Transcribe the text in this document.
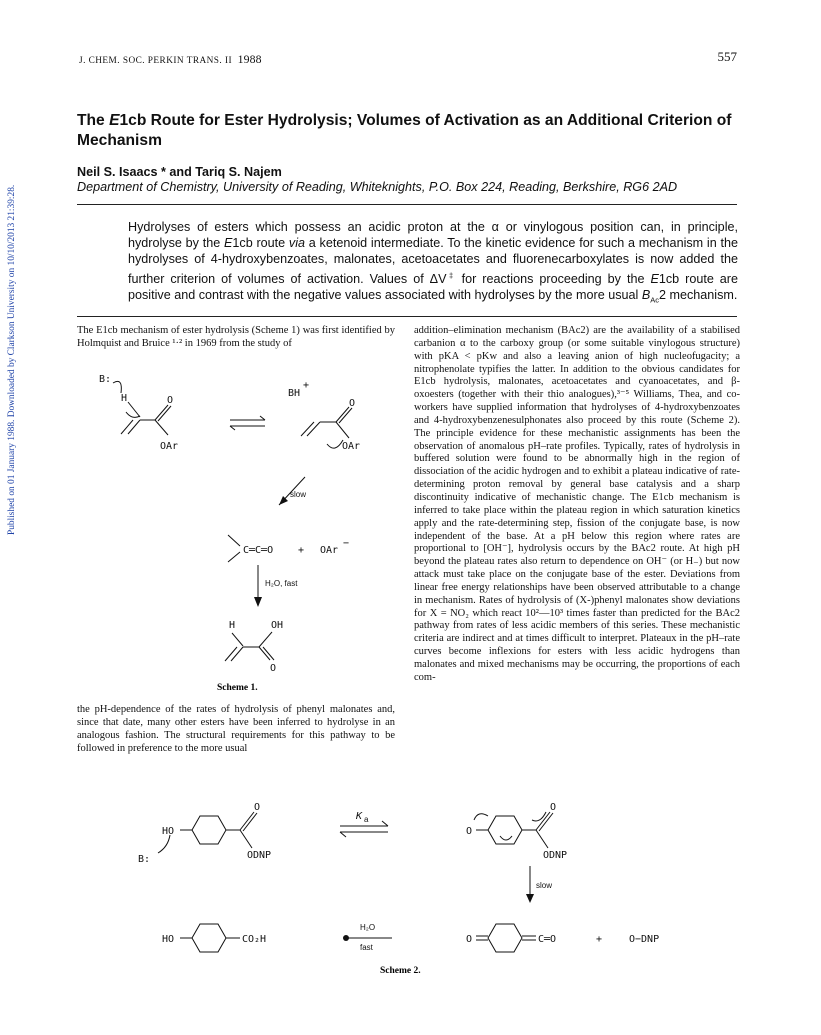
Published on 01 January 1988. Downloaded by Clarkson University on 10/10/2013 21:39:28.
J. CHEM. SOC. PERKIN TRANS. II 1988	557
The E1cb Route for Ester Hydrolysis; Volumes of Activation as an Additional Criterion of Mechanism
Neil S. Isaacs * and Tariq S. Najem
Department of Chemistry, University of Reading, Whiteknights, P.O. Box 224, Reading, Berkshire, RG6 2AD
Hydrolyses of esters which possess an acidic proton at the α or vinylogous position can, in principle, hydrolyse by the E1cb route via a ketenoid intermediate. To the kinetic evidence for such a mechanism in the hydrolyses of 4-hydroxybenzoates, malonates, acetoacetates and fluorenecarboxylates is now added the further criterion of volumes of activation. Values of ΔV‡ for reactions proceeding by the E1cb route are positive and contrast with the negative values associated with hydrolyses by the more usual $B_{Ac}2$ mechanism.
The E1cb mechanism of ester hydrolysis (Scheme 1) was first identified by Holmquist and Bruice ¹·² in 1969 from the study of
the pH-dependence of the rates of hydrolysis of phenyl malonates and, since that date, many other esters have been inferred to hydrolyse in an analogous fashion. The structural requirements for this pathway to be followed in preference to the more usual
addition–elimination mechanism (BAc2) are the availability of a stabilised carbanion α to the carboxy group (or some suitable vinylogous structure) with pKA < pKw and also a leaving anion of high nucleofugacity; a nitrophenolate typifies the latter. In addition to the obvious candidates for E1cb hydrolysis, malonates, acetoacetates and cyanoacetates, and β-oxoesters (together with their thio analogues),³⁻⁵ Williams, Thea, and co-workers have supplied information that hydrolyses of 4-hydroxybenzoates and 4-hydroxybenzenesulphonates also proceed by this route (Scheme 2). The principle evidence for these mechanistic assignments has been the observation of anomalous pH–rate profiles. Typically, rates of hydrolysis in buffered solution were found to be abnormally high in the region of dissociation of the acidic hydrogen and to exhibit a plateau indicative of rate-determining proton removal by general base catalysis and a sharp discontinuity indicative of mechanistic change. The E1cb mechanism is inferred to take place within the plateau region in which saturation kinetics apply and the rate-determining step, fission of the conjugate base, is now independent of the base. At a pH below this region where rates are proportional to [OH⁻], hydrolysis occurs by the BAc2 route. At high pH beyond the plateau rates also return to dependence on OH⁻ (or H₋) but now attack must take place on the conjugate base of the ester. Deviations from linear free energy relationships have been observed attributable to a change in mechanism. Rates of hydrolysis of (X-)phenyl malonates show deviations for X = NO₂ which react 10²—10³ times faster than predicted for the BAc2 pathway from rates of less acidic members of this series. These mechanistic criteria are indirect and at times difficult to interpret. Plateaux in the pH–rate curves become inflexions for esters with less acidic hydrogens than malonates and mixed mechanisms may be occurring, the proportions of each com-
B:
H	O
OAr
BH
+
O
OAr
slow
C═C═O + OAr
−
H₂O, fast
H	OH
O
Scheme 1.
HO
O
ODNP
B:
K a
O
O
ODNP
slow
HO	CO₂H
H₂O
fast
O	C═O	+	O−DNP
Scheme 2.
